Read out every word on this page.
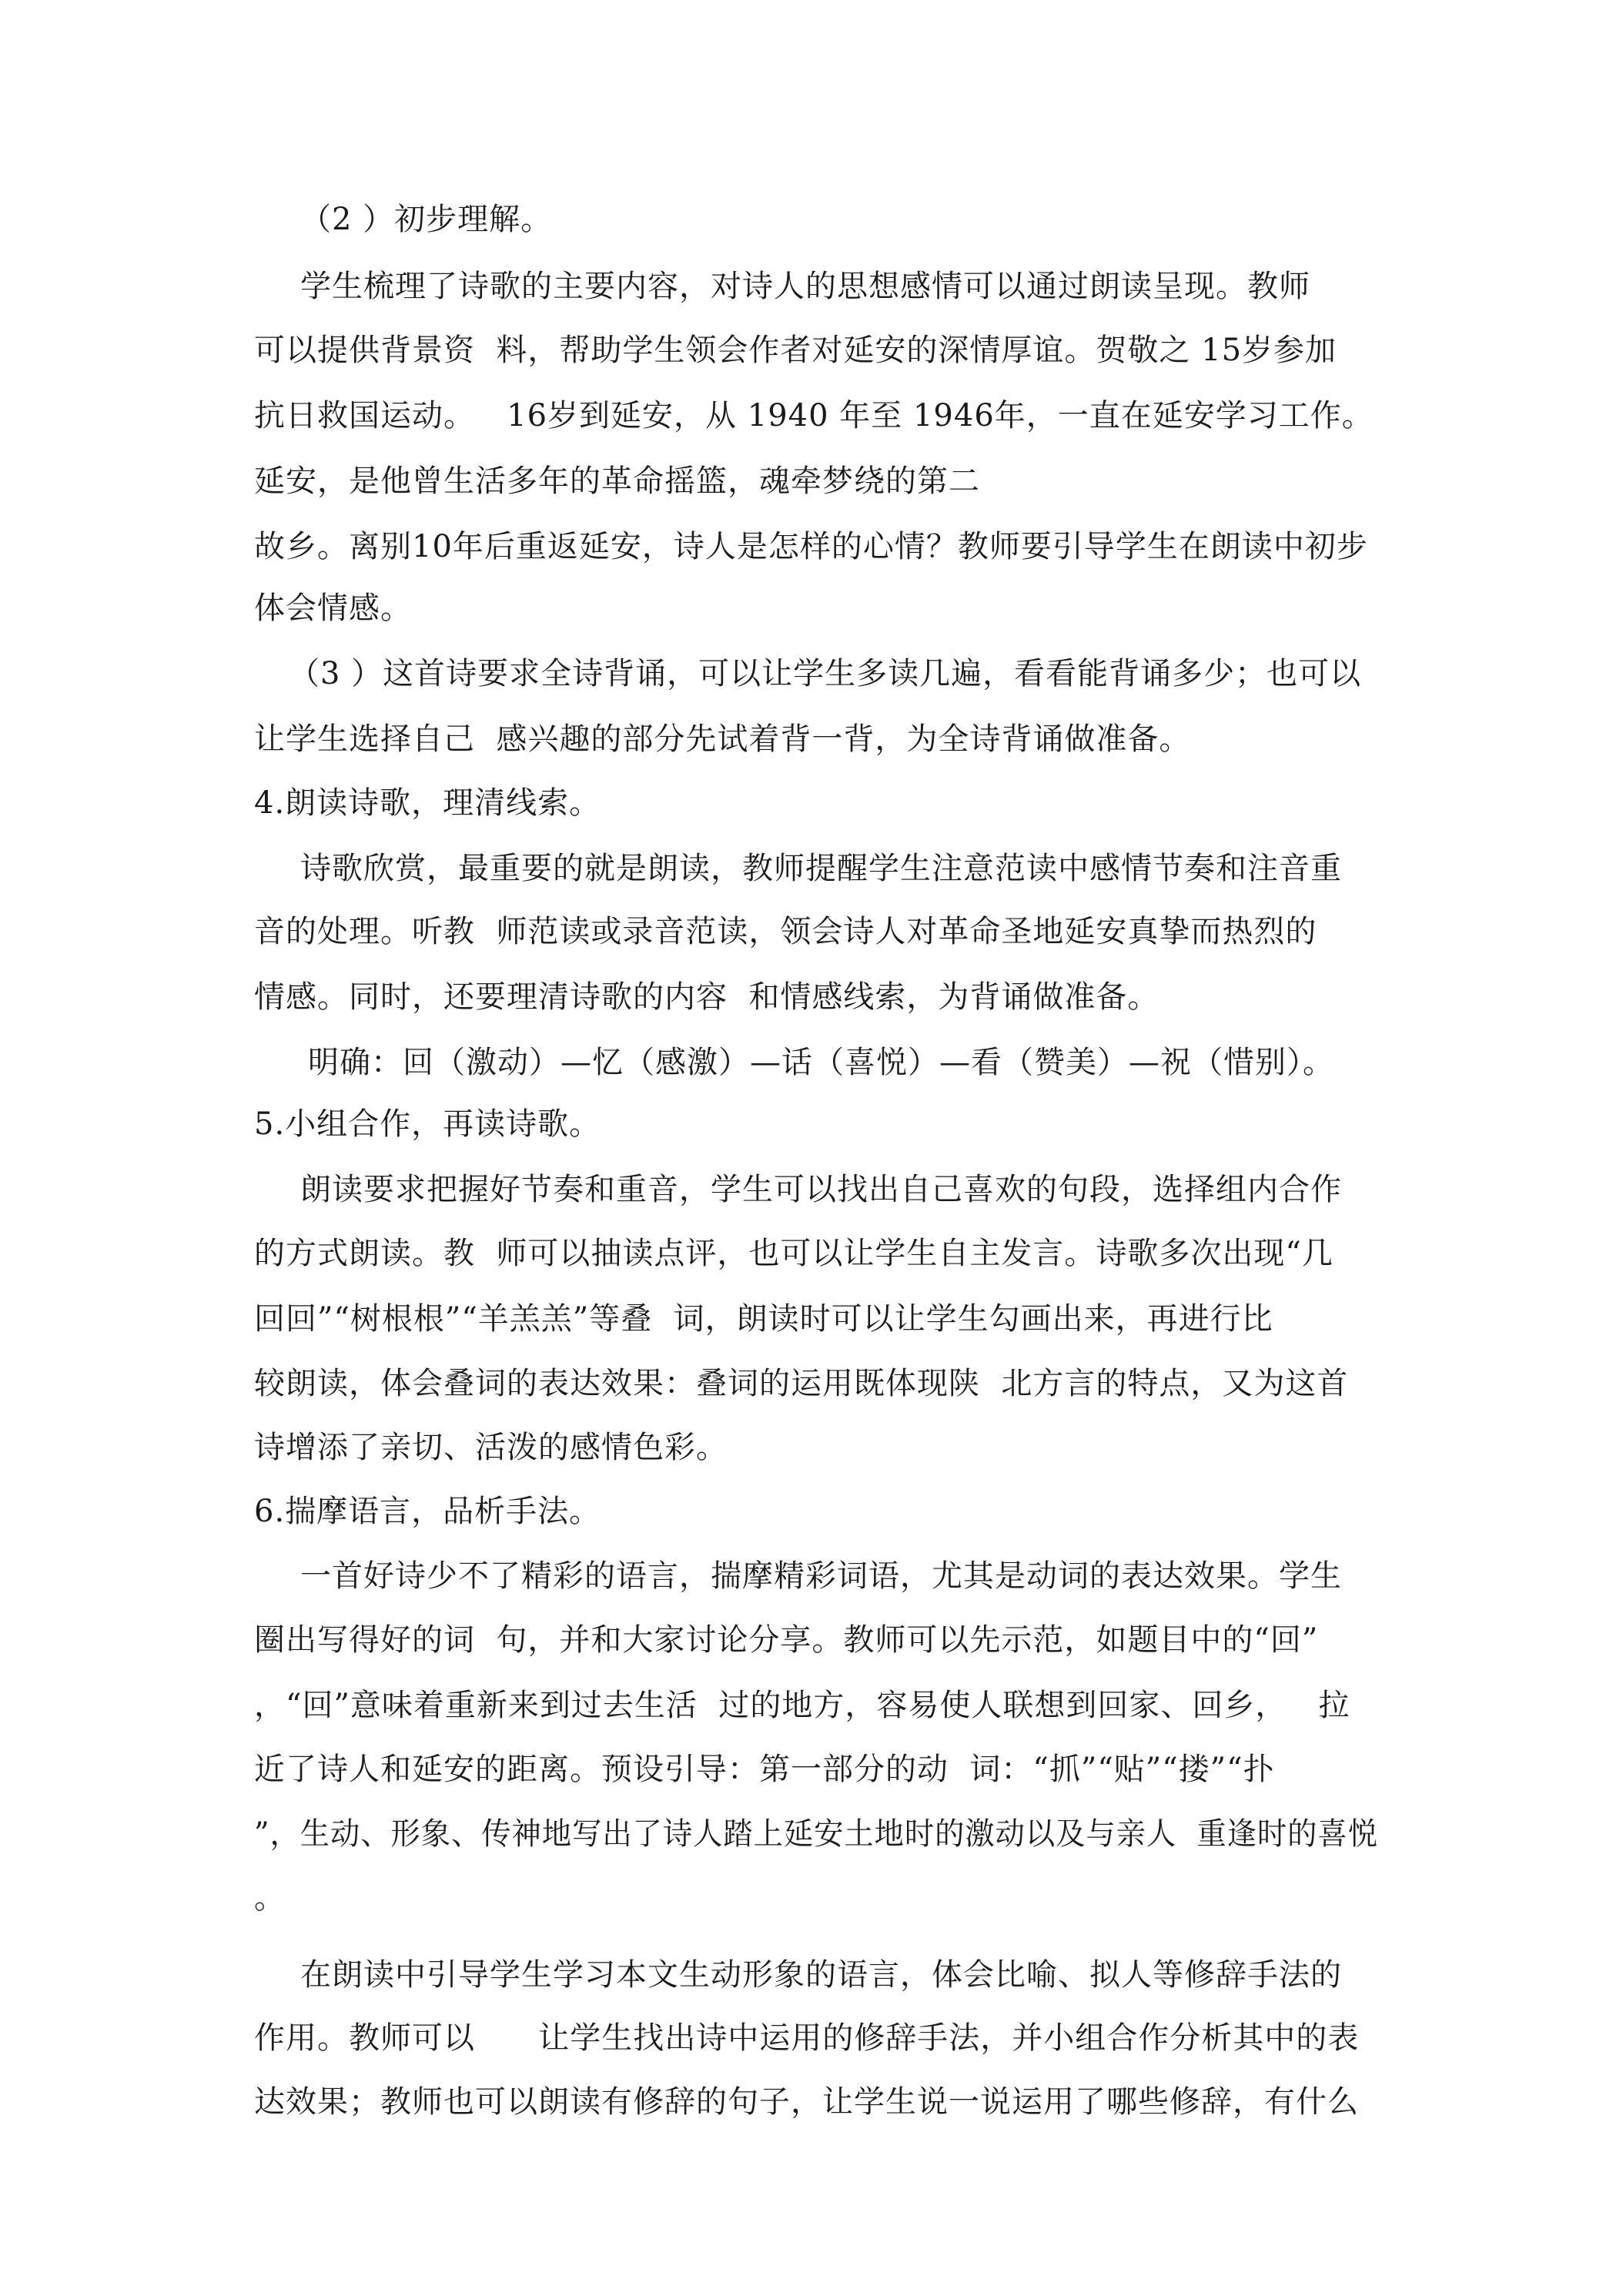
（2 ）初步理解。
学生梳理了诗歌的主要内容，对诗人的思想感情可以通过朗读呈现。教师
可以提供背景资  料，帮助学生领会作者对延安的深情厚谊。贺敬之 15岁参加
抗日救国运动。   16岁到延安，从 1940 年至 1946年，一直在延安学习工作。
延安，是他曾生活多年的革命摇篮，魂牵梦绕的第二
故乡。离别10年后重返延安，诗人是怎样的心情？教师要引导学生在朗读中初步
体会情感。
（3 ）这首诗要求全诗背诵，可以让学生多读几遍，看看能背诵多少；也可以
让学生选择自己  感兴趣的部分先试着背一背，为全诗背诵做准备。
4.朗读诗歌，理清线索。
诗歌欣赏，最重要的就是朗读，教师提醒学生注意范读中感情节奏和注音重
音的处理。听教  师范读或录音范读，领会诗人对革命圣地延安真挚而热烈的
情感。同时，还要理清诗歌的内容  和情感线索，为背诵做准备。
明确：回（激动）—忆（感激）—话（喜悦）—看（赞美）—祝（惜别）。
5.小组合作，再读诗歌。
朗读要求把握好节奏和重音，学生可以找出自己喜欢的句段，选择组内合作
的方式朗读。教  师可以抽读点评，也可以让学生自主发言。诗歌多次出现“几
回回”“树根根”“羊羔羔”等叠  词，朗读时可以让学生勾画出来，再进行比
较朗读，体会叠词的表达效果：叠词的运用既体现陕  北方言的特点，又为这首
诗增添了亲切、活泼的感情色彩。
6.揣摩语言，品析手法。
一首好诗少不了精彩的语言，揣摩精彩词语，尤其是动词的表达效果。学生
圈出写得好的词  句，并和大家讨论分享。教师可以先示范，如题目中的“回”
，“回”意味着重新来到过去生活  过的地方，容易使人联想到回家、回乡，   拉
近了诗人和延安的距离。预设引导：第一部分的动  词：“抓”“贴”“搂”“扑
”，生动、形象、传神地写出了诗人踏上延安土地时的激动以及与亲人  重逢时的喜悦
。
在朗读中引导学生学习本文生动形象的语言，体会比喻、拟人等修辞手法的
作用。教师可以      让学生找出诗中运用的修辞手法，并小组合作分析其中的表
达效果；教师也可以朗读有修辞的句子，让学生说一说运用了哪些修辞，有什么
